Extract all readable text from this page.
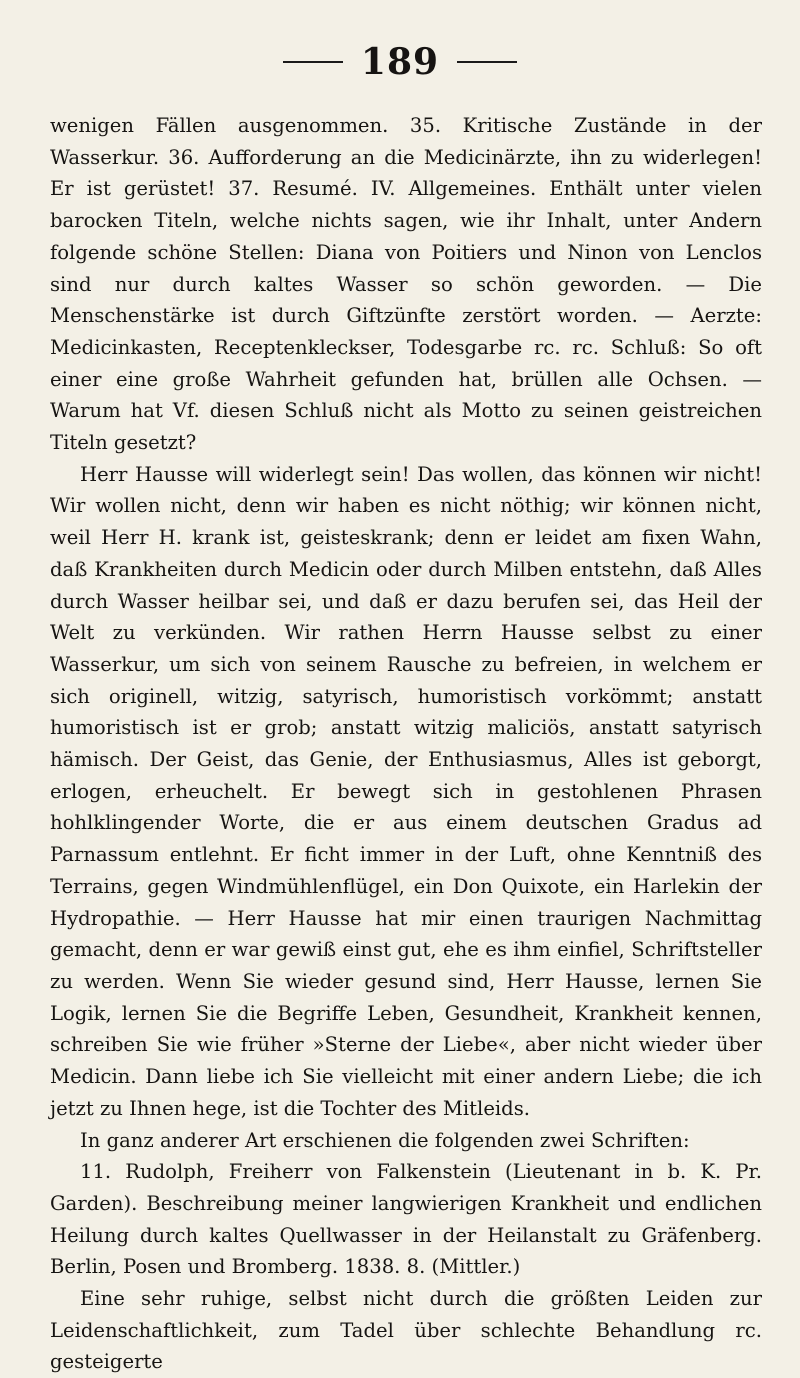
189

wenigen Fällen ausgenommen. 35. Kritische Zustände in der Wasserkur. 36. Aufforderung an die Medicinärzte, ihn zu widerlegen! Er ist gerüstet! 37. Resumé. IV. Allgemeines. Enthält unter vielen barocken Titeln, welche nichts sagen, wie ihr Inhalt, unter Andern folgende schöne Stellen: Diana von Poitiers und Ninon von Lenclos sind nur durch kaltes Wasser so schön geworden. — Die Menschenstärke ist durch Giftzünfte zerstört worden. — Aerzte: Medicinkasten, Receptenkleckser, Todesgarbe rc. rc. Schluß: So oft einer eine große Wahrheit gefunden hat, brüllen alle Ochsen. — Warum hat Vf. diesen Schluß nicht als Motto zu seinen geistreichen Titeln gesetzt?

Herr Hausse will widerlegt sein! Das wollen, das können wir nicht! Wir wollen nicht, denn wir haben es nicht nöthig; wir können nicht, weil Herr H. krank ist, geisteskrank; denn er leidet am fixen Wahn, daß Krankheiten durch Medicin oder durch Milben entstehn, daß Alles durch Wasser heilbar sei, und daß er dazu berufen sei, das Heil der Welt zu verkünden. Wir rathen Herrn Hausse selbst zu einer Wasserkur, um sich von seinem Rausche zu befreien, in welchem er sich originell, witzig, satyrisch, humoristisch vorkömmt; anstatt humoristisch ist er grob; anstatt witzig maliciös, anstatt satyrisch hämisch. Der Geist, das Genie, der Enthusiasmus, Alles ist geborgt, erlogen, erheuchelt. Er bewegt sich in gestohlenen Phrasen hohlklingender Worte, die er aus einem deutschen Gradus ad Parnassum entlehnt. Er ficht immer in der Luft, ohne Kenntniß des Terrains, gegen Windmühlenflügel, ein Don Quixote, ein Harlekin der Hydropathie. — Herr Hausse hat mir einen traurigen Nachmittag gemacht, denn er war gewiß einst gut, ehe es ihm einfiel, Schriftsteller zu werden. Wenn Sie wieder gesund sind, Herr Hausse, lernen Sie Logik, lernen Sie die Begriffe Leben, Gesundheit, Krankheit kennen, schreiben Sie wie früher »Sterne der Liebe«, aber nicht wieder über Medicin. Dann liebe ich Sie vielleicht mit einer andern Liebe; die ich jetzt zu Ihnen hege, ist die Tochter des Mitleids.

In ganz anderer Art erschienen die folgenden zwei Schriften:

11. Rudolph, Freiherr von Falkenstein (Lieutenant in b. K. Pr. Garden). Beschreibung meiner langwierigen Krankheit und endlichen Heilung durch kaltes Quellwasser in der Heilanstalt zu Gräfenberg. Berlin, Posen und Bromberg. 1838. 8. (Mittler.)

Eine sehr ruhige, selbst nicht durch die größten Leiden zur Leidenschaftlichkeit, zum Tadel über schlechte Behandlung rc. gesteigerte
